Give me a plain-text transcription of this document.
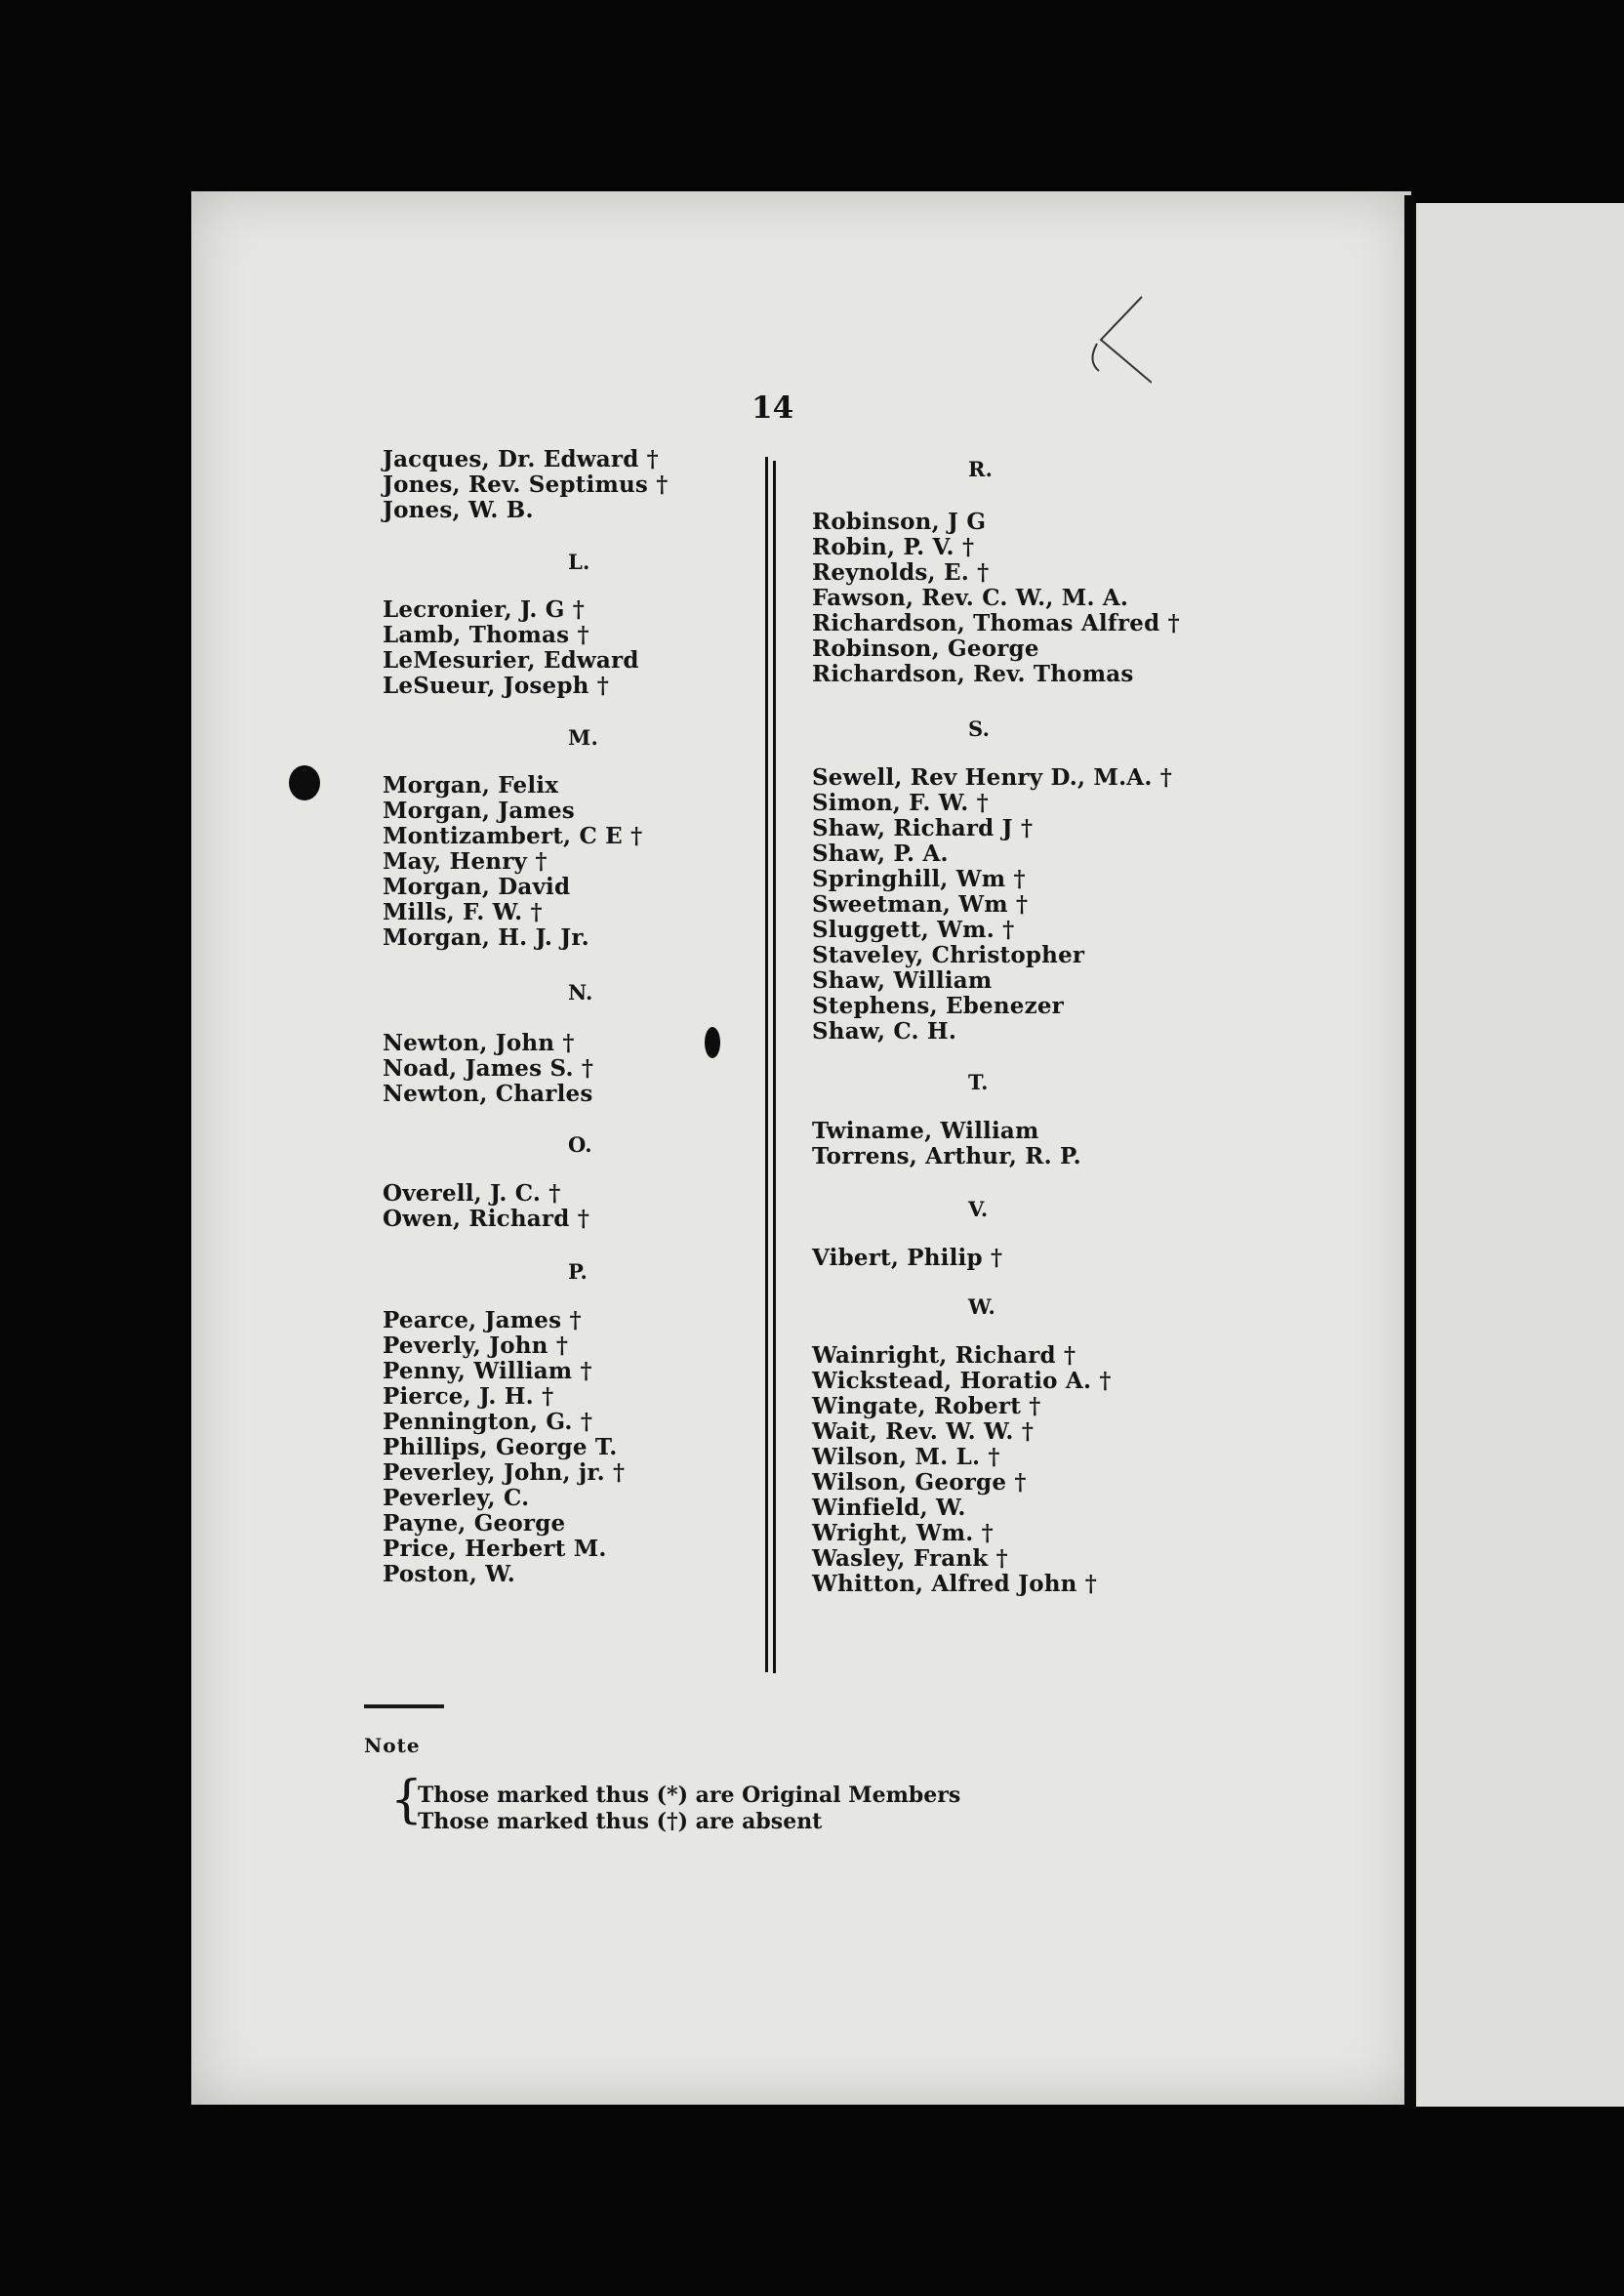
14
Jacques, Dr. Edward †
Jones, Rev. Septimus †
Jones, W. B.
L.
Lecronier, J. G †
Lamb, Thomas †
LeMesurier, Edward
LeSueur, Joseph †
M.
Morgan, Felix
Morgan, James
Montizambert, C E †
May, Henry †
Morgan, David
Mills, F. W. †
Morgan, H. J. Jr.
N.
Newton, John †
Noad, James S. †
Newton, Charles
O.
Overell, J. C. †
Owen, Richard †
P.
Pearce, James †
Peverly, John †
Penny, William †
Pierce, J. H. †
Pennington, G. †
Phillips, George T.
Peverley, John, jr. †
Peverley, C.
Payne, George
Price, Herbert M.
Poston, W.
R.
Robinson, J G
Robin, P. V. †
Reynolds, E. †
Fawson, Rev. C. W., M. A.
Richardson, Thomas Alfred †
Robinson, George
Richardson, Rev. Thomas
S.
Sewell, Rev Henry D., M.A. †
Simon, F. W. †
Shaw, Richard J †
Shaw, P. A.
Springhill, Wm †
Sweetman, Wm †
Sluggett, Wm. †
Staveley, Christopher
Shaw, William
Stephens, Ebenezer
Shaw, C. H.
T.
Twiname, William
Torrens, Arthur, R. P.
V.
Vibert, Philip †
W.
Wainright, Richard †
Wickstead, Horatio A. †
Wingate, Robert †
Wait, Rev. W. W. †
Wilson, M. L. †
Wilson, George †
Winfield, W.
Wright, Wm. †
Wasley, Frank †
Whitton, Alfred John †
Note
{
Those marked thus (*) are Original Members
Those marked thus (†) are absent
